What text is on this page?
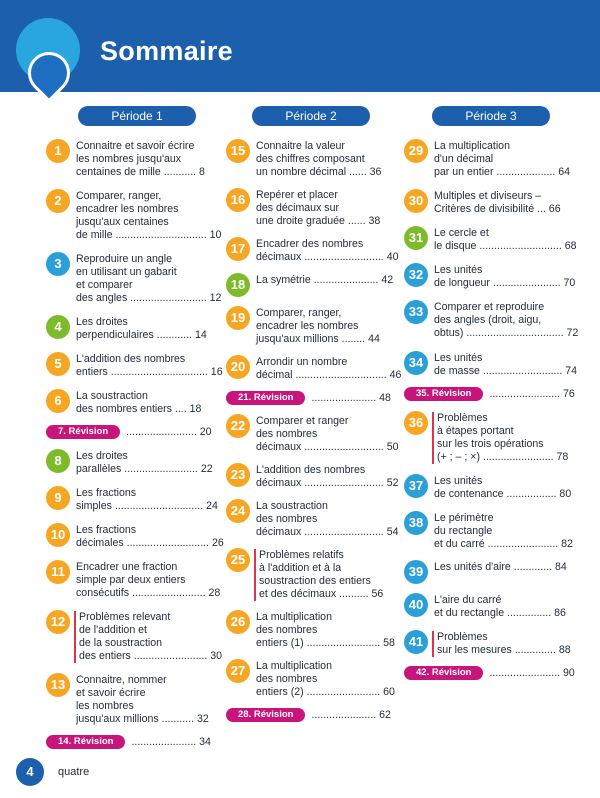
Sommaire
Période 1
1	Connaitre et savoir écrire
les nombres jusqu'aux
centaines de mille ........... 8
2	Comparer, ranger,
encadrer les nombres
jusqu'aux centaines
de mille ............................... 10
3	Reproduire un angle
en utilisant un gabarit
et comparer
des angles .......................... 12
4	Les droites
perpendiculaires ............ 14
5	L'addition des nombres
entiers ................................. 16
6	La soustraction
des nombres entiers .... 18
7. Révision	........................ 20
8	Les droites
parallèles ......................... 22
9	Les fractions
simples .............................. 24
10	Les fractions
décimales ............................ 26
11	Encadrer une fraction
simple par deux entiers
consécutifs ......................... 28
12	Problèmes relevant
de l'addition et
de la soustraction
des entiers ......................... 30
13	Connaitre, nommer
et savoir écrire
les nombres
jusqu'aux millions ........... 32
14. Révision	...................... 34
Période 2
15	Connaitre la valeur
des chiffres composant
un nombre décimal ...... 36
16	Repérer et placer
des décimaux sur
une droite graduée ...... 38
17	Encadrer des nombres
décimaux ........................... 40
18	La symétrie ...................... 42
19	Comparer, ranger,
encadrer les nombres
jusqu'aux millions ........ 44
20	Arrondir un nombre
décimal ............................... 46
21. Révision	...................... 48
22	Comparer et ranger
des nombres
décimaux ........................... 50
23	L'addition des nombres
décimaux ........................... 52
24	La soustraction
des nombres
décimaux ........................... 54
25	Problèmes relatifs
à l'addition et à la
soustraction des entiers
et des décimaux .......... 56
26	La multiplication
des nombres
entiers (1) ......................... 58
27	La multiplication
des nombres
entiers (2) ......................... 60
28. Révision	...................... 62
Période 3
29	La multiplication
d'un décimal
par un entier .................... 64
30	Multiples et diviseurs –
Critères de divisibilité ... 66
31	Le cercle et
le disque ............................ 68
32	Les unités
de longueur ....................... 70
33	Comparer et reproduire
des angles (droit, aigu,
obtus) ................................. 72
34	Les unités
de masse ........................... 74
35. Révision	........................ 76
36	Problèmes
à étapes portant
sur les trois opérations
(+ ; – ; ×) ........................ 78
37	Les unités
de contenance ................. 80
38	Le périmètre
du rectangle
et du carré ........................ 82
39	Les unités d'aire ............. 84
40	L'aire du carré
et du rectangle ............... 86
41	Problèmes
sur les mesures .............. 88
42. Révision	........................ 90
4	quatre
